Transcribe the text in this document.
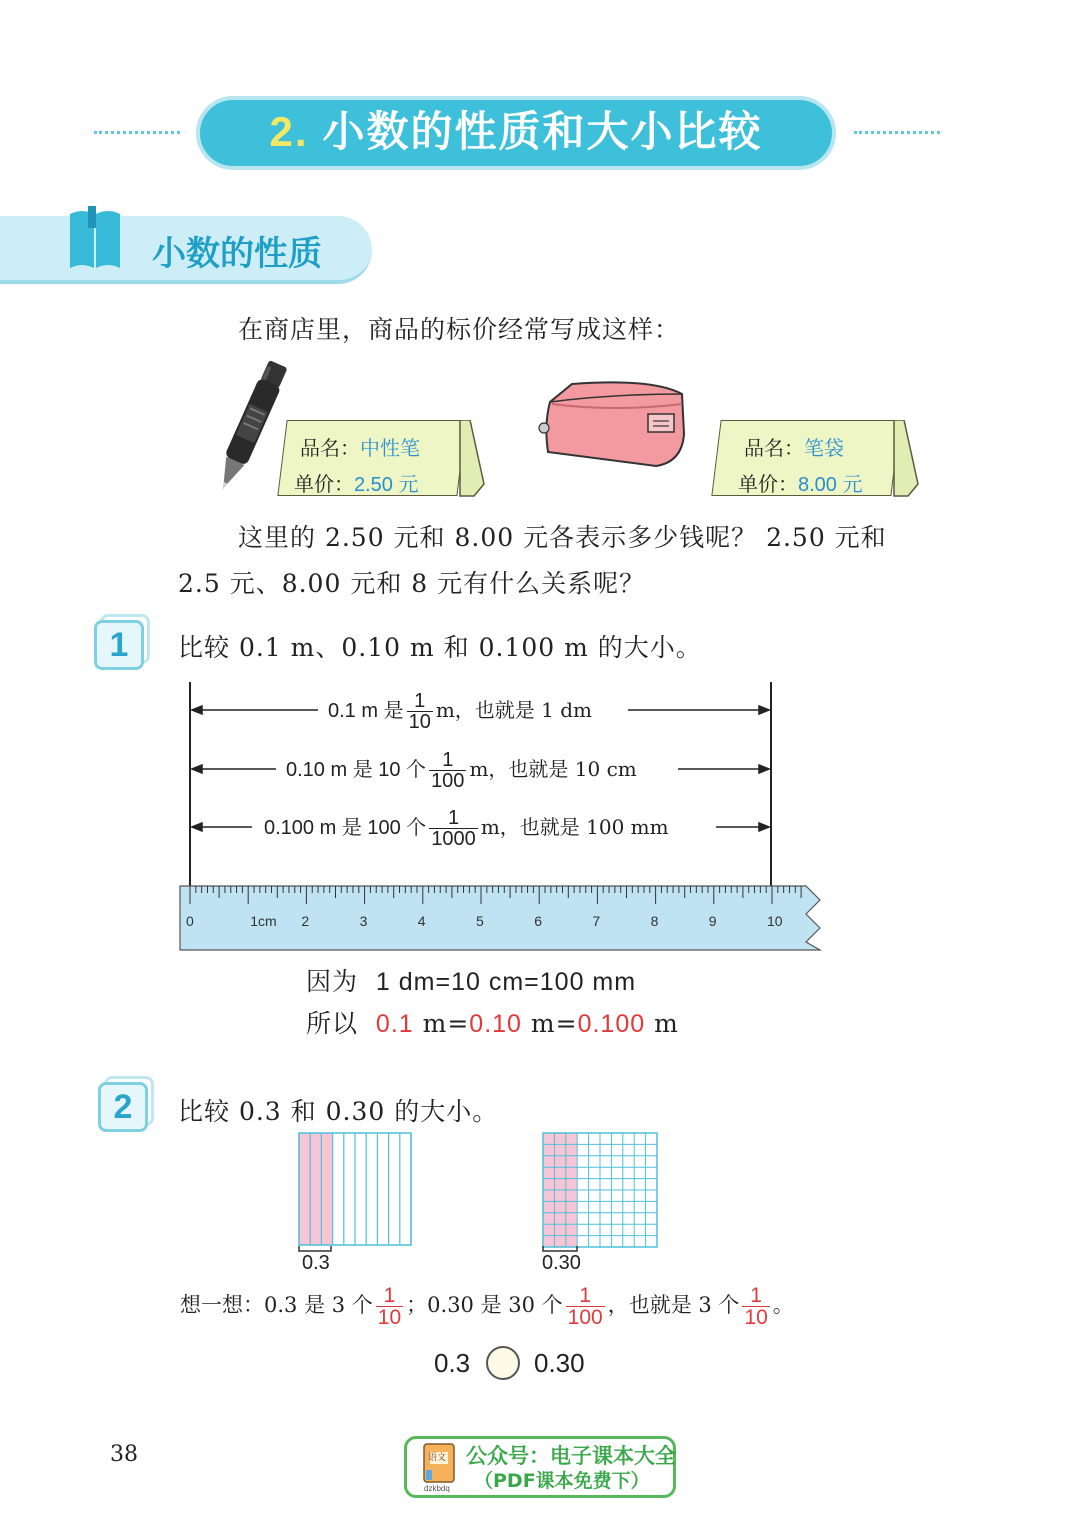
2. 小数的性质和大小比较
小数的性质
在商店里，商品的标价经常写成这样：
品名：中性笔
单价：2.50 元
品名：笔袋
单价：8.00 元
这里的 2.50 元和 8.00 元各表示多少钱呢？ 2.50 元和
2.5 元、8.00 元和 8 元有什么关系呢？
1	比较 0.1 m、0.10 m 和 0.100 m 的大小。
0.1 m 是 $\frac{1}{10}$ m，也就是 1 dm
0.10 m 是 10 个 $\frac{1}{100}$ m，也就是 10 cm
0.100 m 是 100 个 $\frac{1}{1000}$ m，也就是 100 mm
0	1cm 2	3	4	5	6	7	8	9	10
因为 1 dm=10 cm=100 mm
所以 0.1 m=0.10 m=0.100 m
2	比较 0.3 和 0.30 的大小。
0.3	0.30
想一想：0.3 是 3 个 $\frac{1}{10}$ ；0.30 是 30 个 $\frac{1}{100}$ ，也就是 3 个 $\frac{1}{10}$ 。
0.3 0.30
38	语文
dzkbdq
公众号：电子课本大全
（PDF课本免费下）
